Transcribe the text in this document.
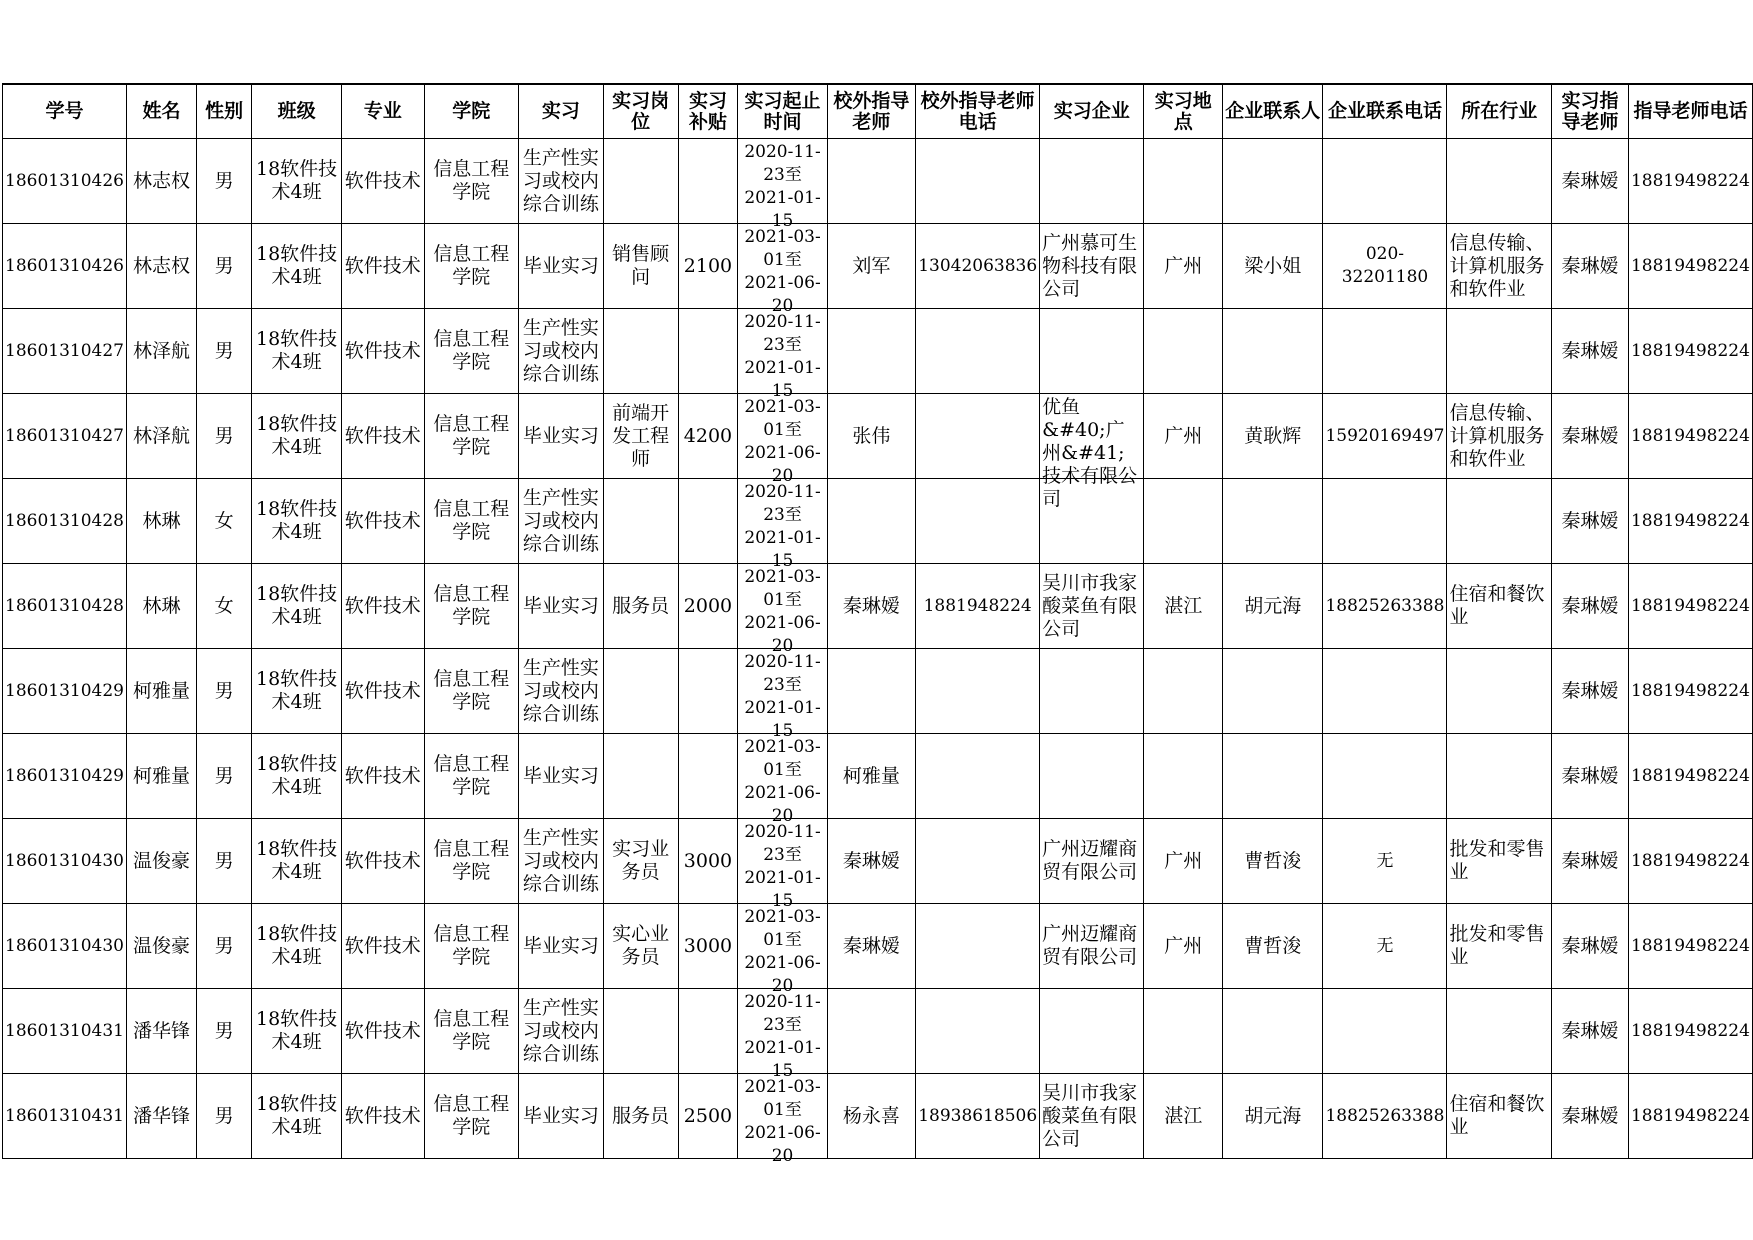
学号	姓名	性别	班级	专业	学院	实习	实习岗位	实习补贴	实习起止时间	校外指导老师	校外指导老师电话	实习企业	实习地点	企业联系人	企业联系电话	所在行业	实习指导老师	指导老师电话

18601310426	林志权	男	18软件技术4班	软件技术	信息工程学院	生产性实习或校内综合训练			2020-11-23至2021-01-15								秦琳嫒	18819498224

18601310426	林志权	男	18软件技术4班	软件技术	信息工程学院	毕业实习	销售顾问	2100	2021-03-01至2021-06-20	刘军	13042063836	广州慕可生物科技有限公司	广州	梁小姐	020-32201180	信息传输、计算机服务和软件业	秦琳嫒	18819498224

18601310427	林泽航	男	18软件技术4班	软件技术	信息工程学院	生产性实习或校内综合训练			2020-11-23至2021-01-15								秦琳嫒	18819498224

18601310427	林泽航	男	18软件技术4班	软件技术	信息工程学院	毕业实习	前端开发工程师	4200	2021-03-01至2021-06-20	张伟		优鱼&#40;广州&#41;技术有限公司	广州	黄耿辉	15920169497	信息传输、计算机服务和软件业	秦琳嫒	18819498224

18601310428	林琳	女	18软件技术4班	软件技术	信息工程学院	生产性实习或校内综合训练			2020-11-23至2021-01-15								秦琳嫒	18819498224

18601310428	林琳	女	18软件技术4班	软件技术	信息工程学院	毕业实习	服务员	2000	2021-03-01至2021-06-20	秦琳嫒	1881948224	吴川市我家酸菜鱼有限公司	湛江	胡元海	18825263388	住宿和餐饮业	秦琳嫒	18819498224

18601310429	柯雅量	男	18软件技术4班	软件技术	信息工程学院	生产性实习或校内综合训练			2020-11-23至2021-01-15								秦琳嫒	18819498224

18601310429	柯雅量	男	18软件技术4班	软件技术	信息工程学院	毕业实习			2021-03-01至2021-06-20	柯雅量							秦琳嫒	18819498224

18601310430	温俊豪	男	18软件技术4班	软件技术	信息工程学院	生产性实习或校内综合训练	实习业务员	3000	2020-11-23至2021-01-15	秦琳嫒		广州迈耀商贸有限公司	广州	曹哲浚	无	批发和零售业	秦琳嫒	18819498224

18601310430	温俊豪	男	18软件技术4班	软件技术	信息工程学院	毕业实习	实心业务员	3000	2021-03-01至2021-06-20	秦琳嫒		广州迈耀商贸有限公司	广州	曹哲浚	无	批发和零售业	秦琳嫒	18819498224

18601310431	潘华锋	男	18软件技术4班	软件技术	信息工程学院	生产性实习或校内综合训练			2020-11-23至2021-01-15								秦琳嫒	18819498224

18601310431	潘华锋	男	18软件技术4班	软件技术	信息工程学院	毕业实习	服务员	2500	2021-03-01至2021-06-20	杨永喜	18938618506	吴川市我家酸菜鱼有限公司	湛江	胡元海	18825263388	住宿和餐饮业	秦琳嫒	18819498224
